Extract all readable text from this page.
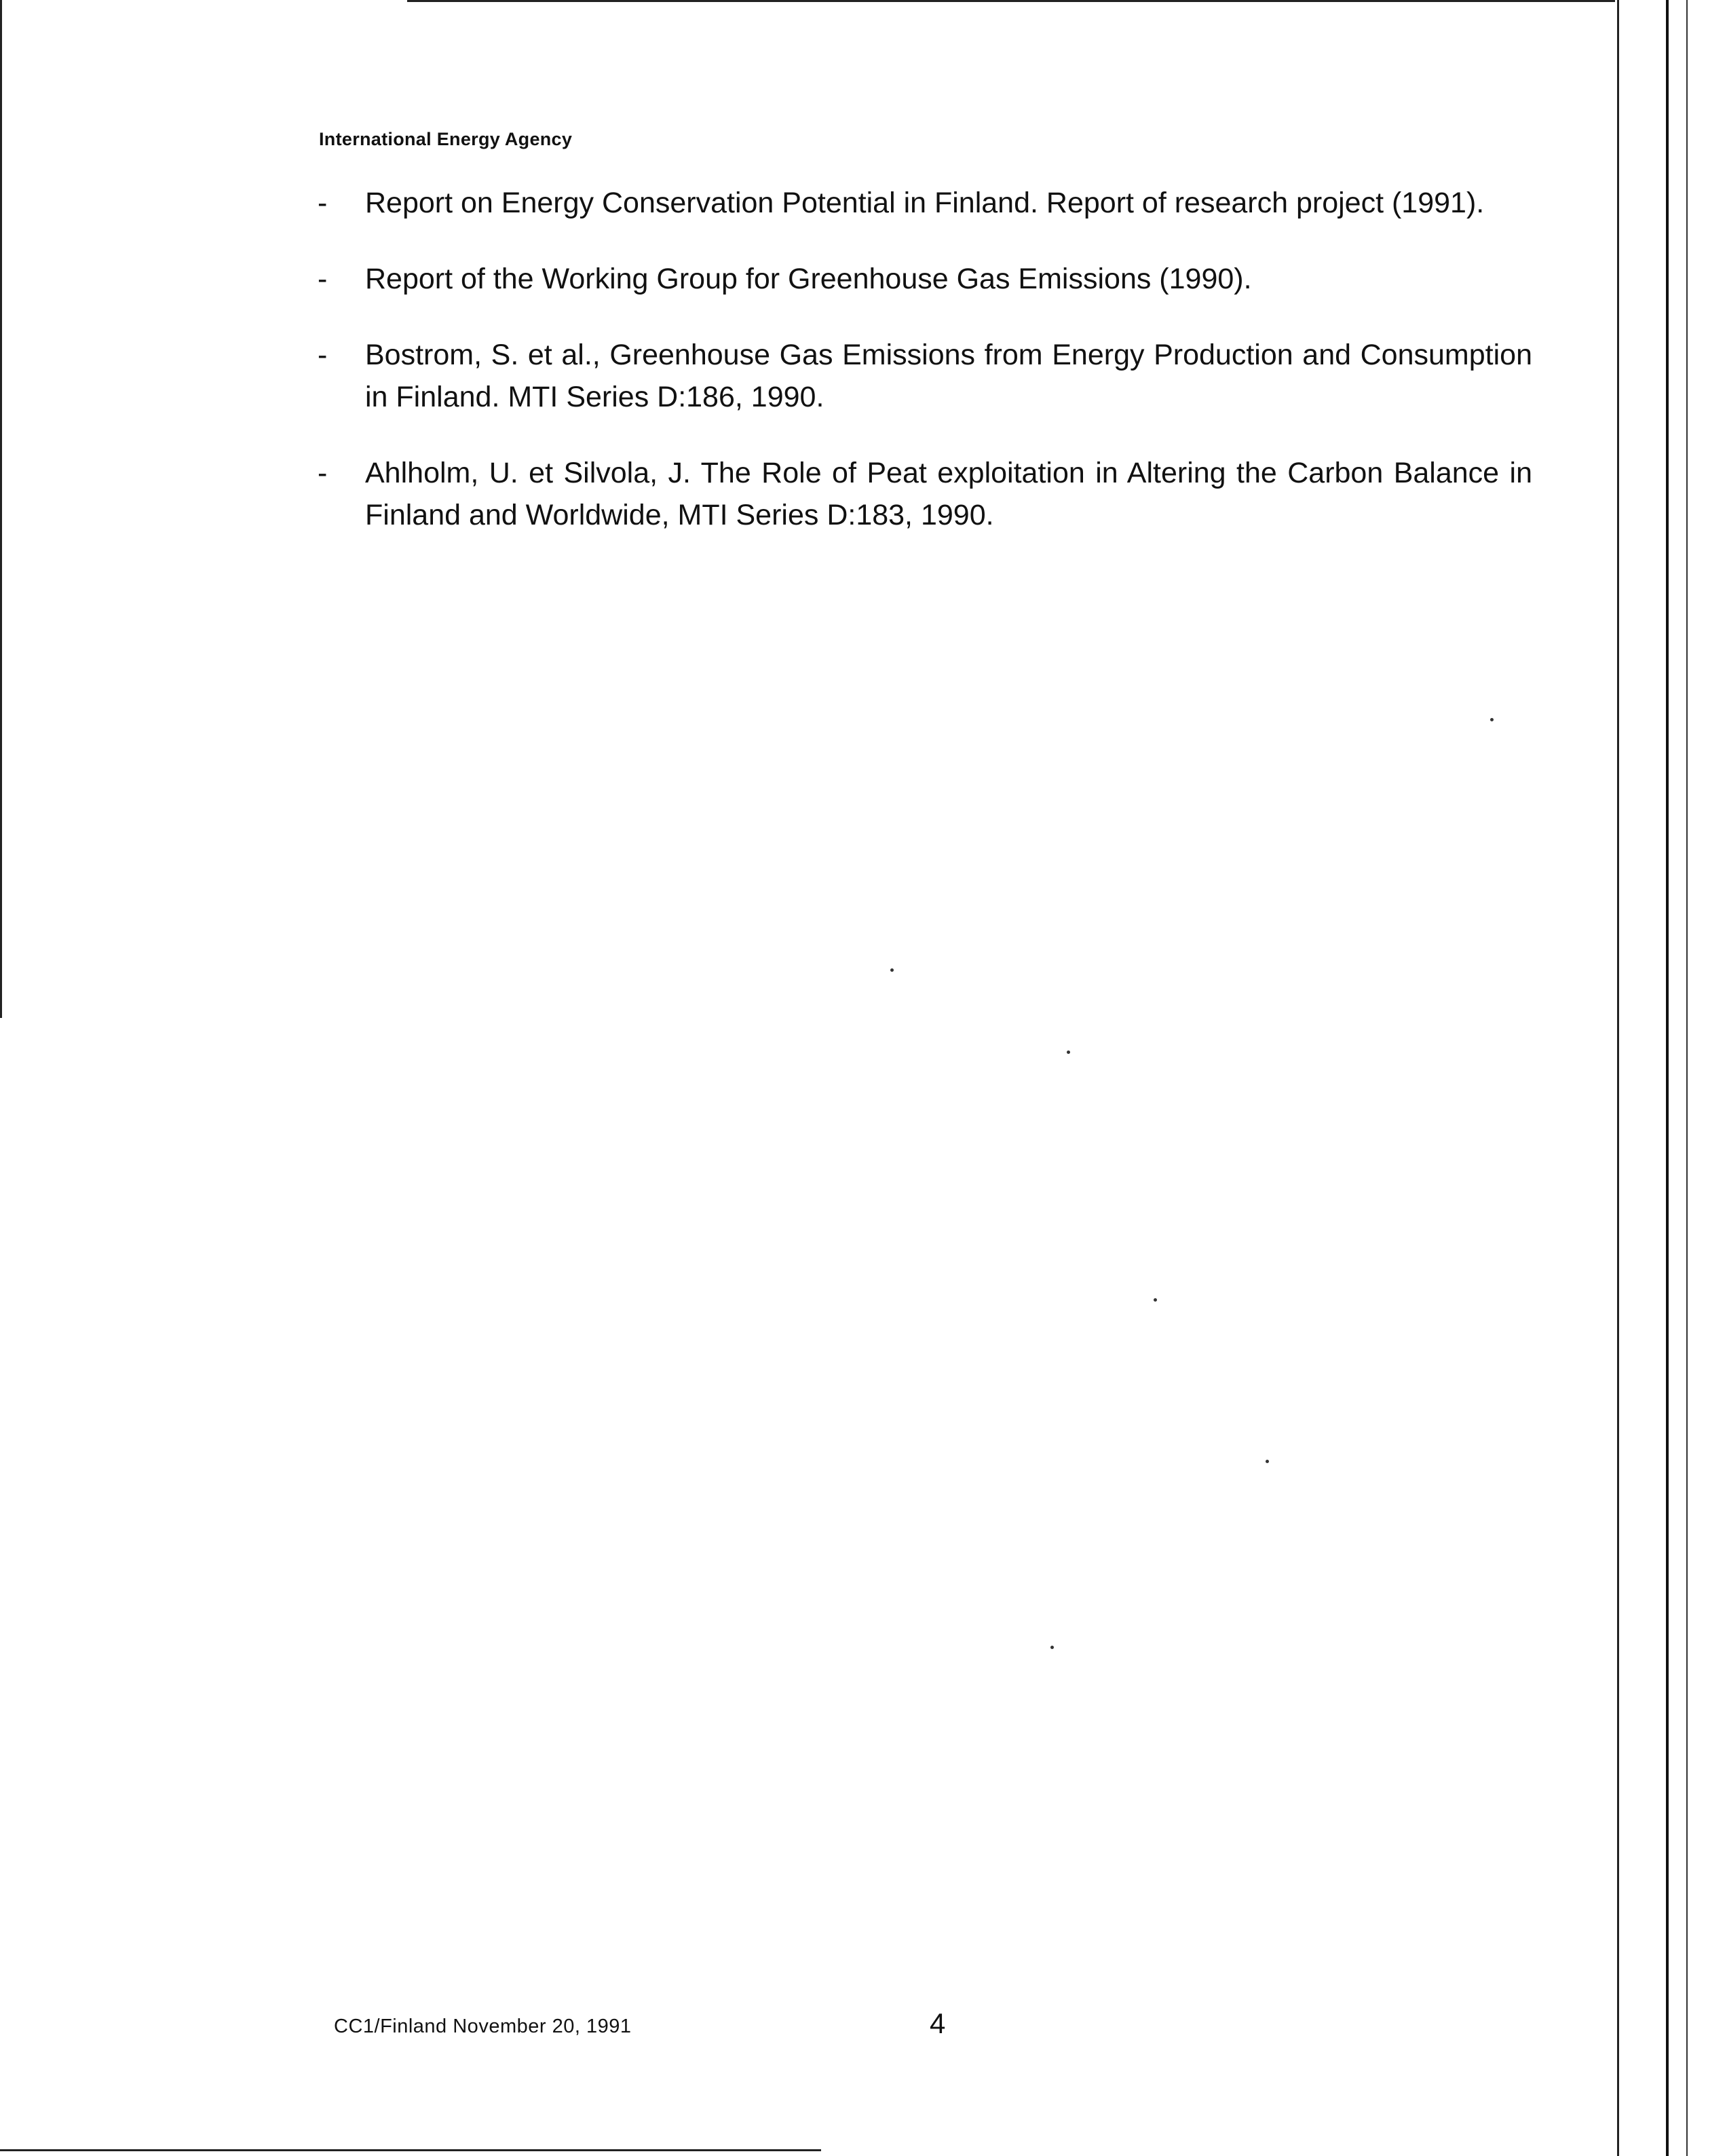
International Energy Agency
-	Report on Energy Conservation Potential in Finland. Report of research project (1991).
-	Report of the Working Group for Greenhouse Gas Emissions (1990).
-	Bostrom, S. et al., Greenhouse Gas Emissions from Energy Production and Consumption in Finland. MTI Series D:186, 1990.
-	Ahlholm, U. et Silvola, J. The Role of Peat exploitation in Altering the Carbon Balance in Finland and Worldwide, MTI Series D:183, 1990.
CC1/Finland November 20, 1991	4
